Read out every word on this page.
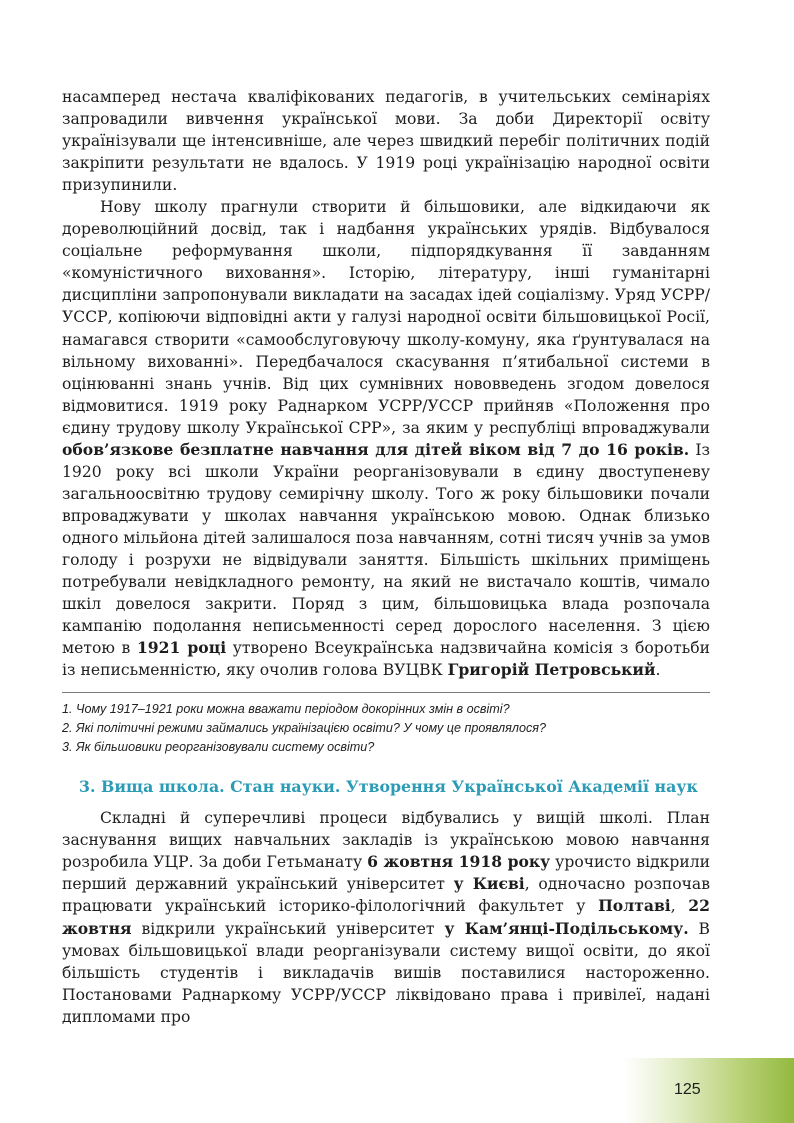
насамперед нестача кваліфікованих педагогів, в учительських семінаріях запровадили вивчення української мови. За доби Директорії освіту українізували ще інтенсивніше, але через швидкий перебіг політичних подій закріпити результати не вдалось. У 1919 році українізацію народної освіти призупинили.

Нову школу прагнули створити й більшовики, але відкидаючи як дореволюційний досвід, так і надбання українських урядів. Відбувалося соціальне реформування школи, підпорядкування її завданням «комуністичного виховання». Історію, літературу, інші гуманітарні дисципліни запропонували викладати на засадах ідей соціалізму. Уряд УСРР/УССР, копіюючи відповідні акти у галузі народної освіти більшовицької Росії, намагався створити «самообслуговуючу школу-комуну, яка ґрунтувалася на вільному вихованні». Передбачалося скасування п’ятибальної системи в оцінюванні знань учнів. Від цих сумнівних нововведень згодом довелося відмовитися. 1919 року Раднарком УСРР/УССР прийняв «Положення про єдину трудову школу Української СРР», за яким у республіці впроваджували обов’язкове безплатне навчання для дітей віком від 7 до 16 років. Із 1920 року всі школи України реорганізовували в єдину двоступеневу загальноосвітню трудову семирічну школу. Того ж року більшовики почали впроваджувати у школах навчання українською мовою. Однак близько одного мільйона дітей залишалося поза навчанням, сотні тисяч учнів за умов голоду і розрухи не відвідували заняття. Більшість шкільних приміщень потребували невідкладного ремонту, на який не вистачало коштів, чимало шкіл довелося закрити. Поряд з цим, більшовицька влада розпочала кампанію подолання неписьменності серед дорослого населення. З цією метою в 1921 році утворено Всеукраїнська надзвичайна комісія з боротьби із неписьменністю, яку очолив голова ВУЦВК Григорій Петровський.

1. Чому 1917–1921 роки можна вважати періодом докорінних змін в освіті?

2. Які політичні режими займались українізацією освіти? У чому це проявлялося?

3. Як більшовики реорганізовували систему освіти?

3. Вища школа. Стан науки. Утворення Української Академії наук

Складні й суперечливі процеси відбувались у вищій школі. План заснування вищих навчальних закладів із українською мовою навчання розробила УЦР. За доби Гетьманату 6 жовтня 1918 року урочисто відкрили перший державний український університет у Києві, одночасно розпочав працювати український історико-філологічний факультет у Полтаві, 22 жовтня відкрили український університет у Кам’янці-Подільському. В умовах більшовицької влади реорганізували систему вищої освіти, до якої більшість студентів і викладачів вишів поставилися настороженно. Постановами Раднаркому УСРР/УССР ліквідовано права і привілеї, надані дипломами про

125
